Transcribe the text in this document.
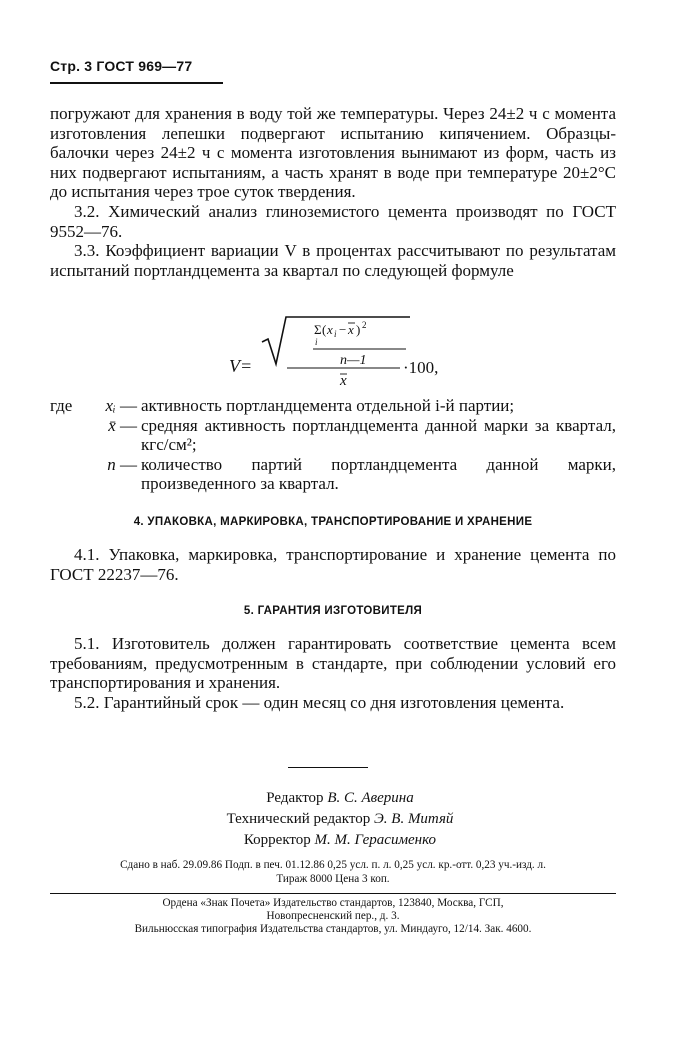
Стр. 3 ГОСТ 969—77

погружают для хранения в воду той же температуры. Через 24±2 ч с момента изготовления лепешки подвергают испытанию кипячением. Образцы-балочки через 24±2 ч с момента изготовления вынимают из форм, часть из них подвергают испытаниям, а часть хранят в воде при температуре 20±2°С до испытания через трое суток твердения.

3.2. Химический анализ глиноземистого цемента производят по ГОСТ 9552—76.

3.3. Коэффициент вариации V в процентах рассчитывают по результатам испытаний портландцемента за квартал по следующей формуле

V=
Σ ( x i − x ) 2
i
n—1
x
·100,
где	xᵢ — активность портландцемента отдельной i-й партии;
x̄ — средняя активность портландцемента данной марки за квартал, кгс/см²;
n — количество партий портландцемента данной марки, произведенного за квартал.
4. УПАКОВКА, МАРКИРОВКА, ТРАНСПОРТИРОВАНИЕ И ХРАНЕНИЕ

4.1. Упаковка, маркировка, транспортирование и хранение цемента по ГОСТ 22237—76.

5. ГАРАНТИЯ ИЗГОТОВИТЕЛЯ

5.1. Изготовитель должен гарантировать соответствие цемента всем требованиям, предусмотренным в стандарте, при соблюдении условий его транспортирования и хранения.

5.2. Гарантийный срок — один месяц со дня изготовления цемента.

Редактор В. С. Аверина
Технический редактор Э. В. Митяй
Корректор М. М. Герасименко
Сдано в наб. 29.09.86 Подп. в печ. 01.12.86 0,25 усл. п. л. 0,25 усл. кр.-отт. 0,23 уч.-изд. л.
Тираж 8000 Цена 3 коп.
Ордена «Знак Почета» Издательство стандартов, 123840, Москва, ГСП,
Новопресненский пер., д. 3.
Вильнюсская типография Издательства стандартов, ул. Миндауго, 12/14. Зак. 4600.
